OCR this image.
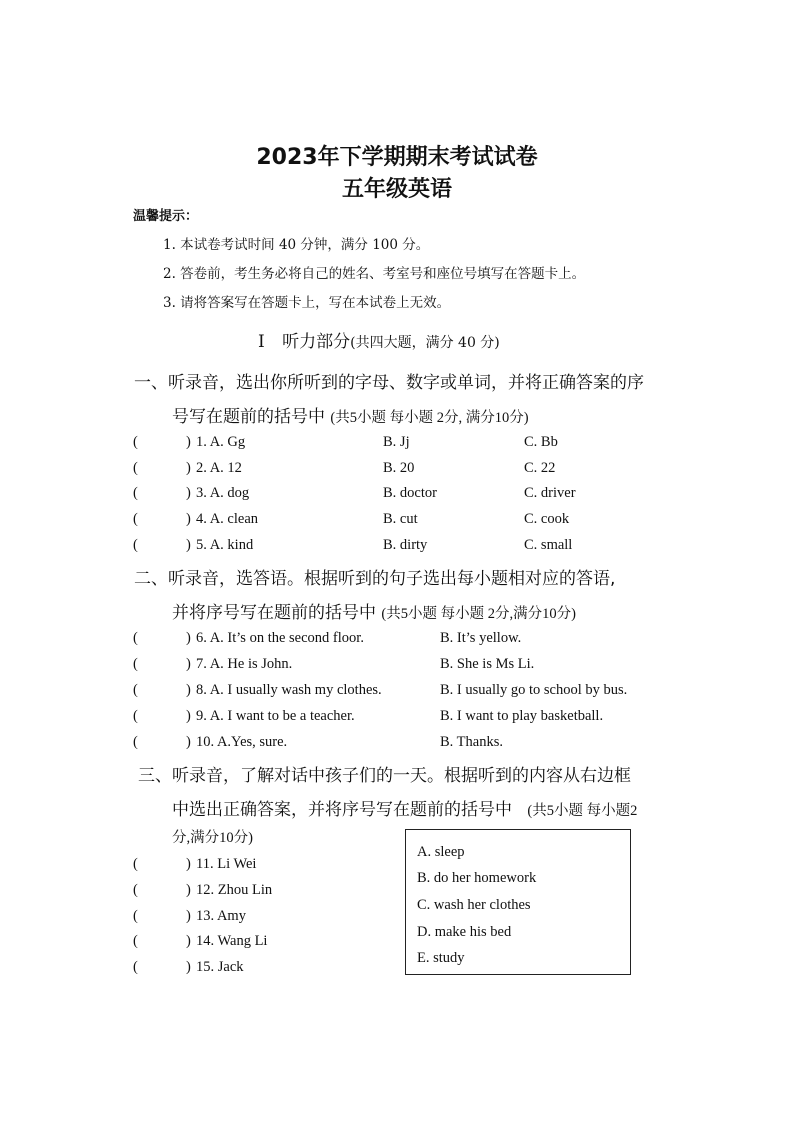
2023年下学期期末考试试卷
五年级英语
温馨提示：
1. 本试卷考试时间 40 分钟，满分 100 分。
2. 答卷前，考生务必将自己的姓名、考室号和座位号填写在答题卡上。
3. 请将答案写在答题卡上，写在本试卷上无效。
Ⅰ 听力部分(共四大题，满分 40 分)
一、听录音，选出你所听到的字母、数字或单词，并将正确答案的序
号写在题前的括号中 (共5小题 每小题 2分, 满分10分)
(	) 1. A. Gg	B. Jj	C. Bb
(	) 2. A. 12	B. 20	C. 22
(	) 3. A. dog	B. doctor	C. driver
(	) 4. A. clean	B. cut	C. cook
(	) 5. A. kind	B. dirty	C. small
二、听录音，选答语。根据听到的句子选出每小题相对应的答语,
并将序号写在题前的括号中 (共5小题 每小题 2分,满分10分)
(	) 6. A. It’s on the second floor.	B. It’s yellow.
(	) 7. A. He is John.	B. She is Ms Li.
(	) 8. A. I usually wash my clothes.	B. I usually go to school by bus.
(	) 9. A. I want to be a teacher.	B. I want to play basketball.
(	) 10. A.Yes, sure.	B. Thanks.
三、听录音，了解对话中孩子们的一天。根据听到的内容从右边框
中选出正确答案，并将序号写在题前的括号中 (共5小题 每小题2
分,满分10分)
(	) 11. Li Wei
(	) 12. Zhou Lin
(	) 13. Amy
(	) 14. Wang Li
(	) 15. Jack
A. sleep
B. do her homework
C. wash her clothes
D. make his bed
E. study
